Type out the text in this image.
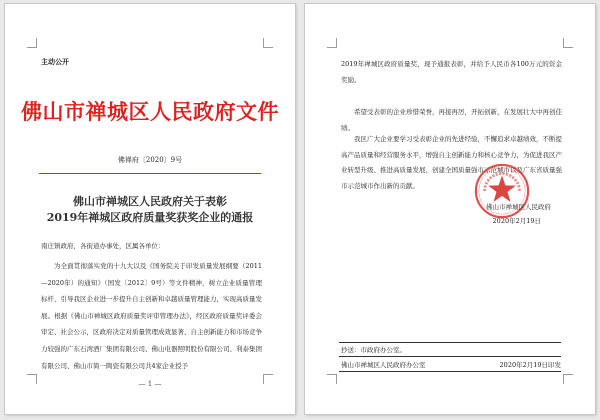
主动公开

佛山市禅城区人民政府文件

佛禅府〔2020〕9号

佛山市禅城区人民政府关于表彰

2019年禅城区政府质量奖获奖企业的通报

南庄镇政府，各街道办事处，区属各单位：

为全面贯彻落实党的十九大以及《国务院关于印发质量发展纲要（2011—2020年）的通知》（国发〔2012〕9号）等文件精神，树立企业质量管理标杆，引导我区企业进一步提升自主创新和卓越质量管理能力，实现高质量发展。根据《佛山市禅城区政府质量奖评审管理办法》，经区政府质量奖评委会审定、社会公示，区政府决定对质量管理成效显著、自主创新能力和市场竞争力较强的广东石湾酒厂集团有限公司、佛山电器照明股份有限公司、利泰集团有限公司、佛山市简一陶瓷有限公司共4家企业授予

— 1 —

2019年禅城区政府质量奖，现予通报表彰，并给予人民币各100万元的资金奖励。

希望受表彰的企业珍惜荣誉，再接再厉，开拓创新，在发展壮大中再创佳绩。

我区广大企业要学习受表彰企业的先进经验，不懈追求卓越绩效，不断提高产品质量和经营服务水平，增强自主创新能力和核心竞争力，为促进我区产业转型升级、推进高质量发展、创建全国质量强市示范城市以及广东省质量强市示范城市作出新的贡献。

佛山市禅城区人民政府

2020年2月19日

抄送：市政府办公室。

佛山市禅城区人民政府办公室	2020年2月19日印发
